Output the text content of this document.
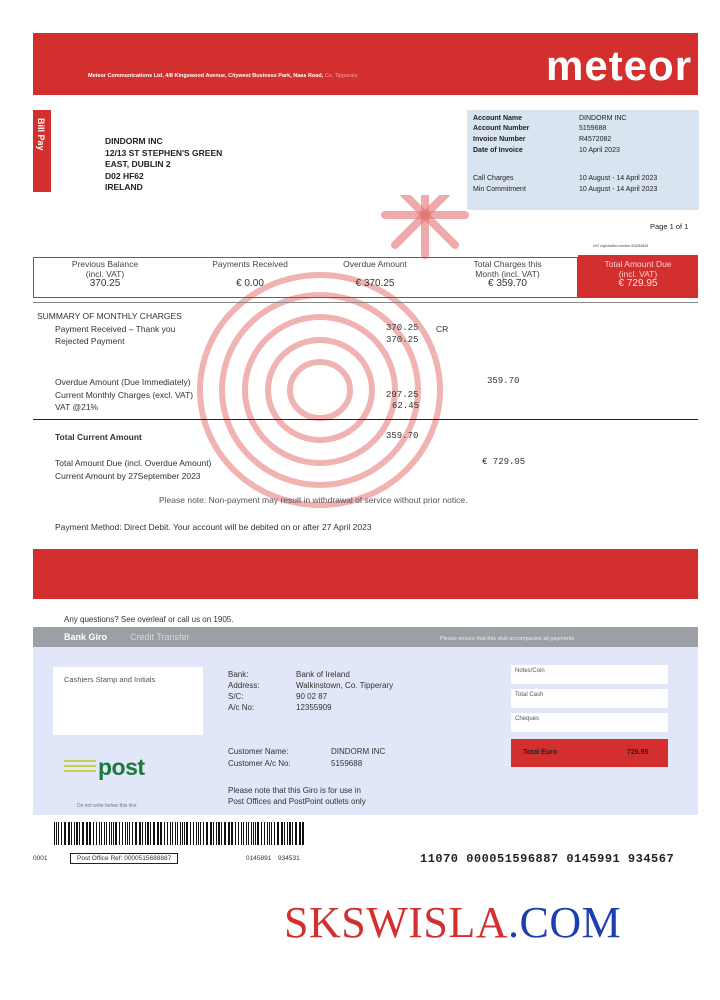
Meteor Communications Ltd, 4/8 Kingswood Avenue, Citywest Business Park, Naas Road, Co. Tipperary	meteor
Bill Pay	DINDORM INC
12/13 ST STEPHEN'S GREEN
EAST, DUBLIN 2
D02 HF62
IRELAND
Account Name	DINDORM INC
Account Number	5159688
Invoice Number	R4572082
Date of Invoice	10 April 2023
Call Charges	10 August - 14 April 2023
Min Commitment	10 August - 14 April 2023
Page 1 of 1
VAT registration number IE6262649
Previous Balance
(incl. VAT)
370.25
Payments Received
€ 0.00
Overdue Amount
€ 370.25
Total Charges this
Month (incl. VAT)
€ 359.70
Total Amount Due
(incl. VAT)
€ 729.95
SUMMARY OF MONTHLY CHARGES
Payment Received – Thank you	370.25 CR
Rejected Payment	370.25
Overdue Amount (Due Immediately)	359.70
Current Monthly Charges (excl. VAT)	297.25
VAT @21%	62.45
Total Current Amount	359.70
Total Amount Due (incl. Overdue Amount)	€ 729.95
Current Amount by 27September 2023
Please note: Non-payment may result in withdrawal of service without prior notice.
Payment Method: Direct Debit. Your account will be debited on or after 27 April 2023
Any questions? See overleaf or call us on 1905.
Bank Giro	Credit Transfer	Please ensure that this stub accompanies all payments
Cashiers Stamp and Initials
Bank:	Bank of Ireland
Address:	Walkinstown, Co. Tipperary
S/C:	90 02 87
A/c No:	12355909
Notes/Coin
Total Cash
Cheques
Total Euro	729.95
Customer Name:	DINDORM INC
Customer A/c No:	5159688
Please note that this Giro is for use in
Post Offices and PostPoint outlets only
post
Do not write below this line
0001	Post Office Ref: 0000515688887	0145891 934531	11070 000051596887 0145991 934567
SKSWISLA.COM
